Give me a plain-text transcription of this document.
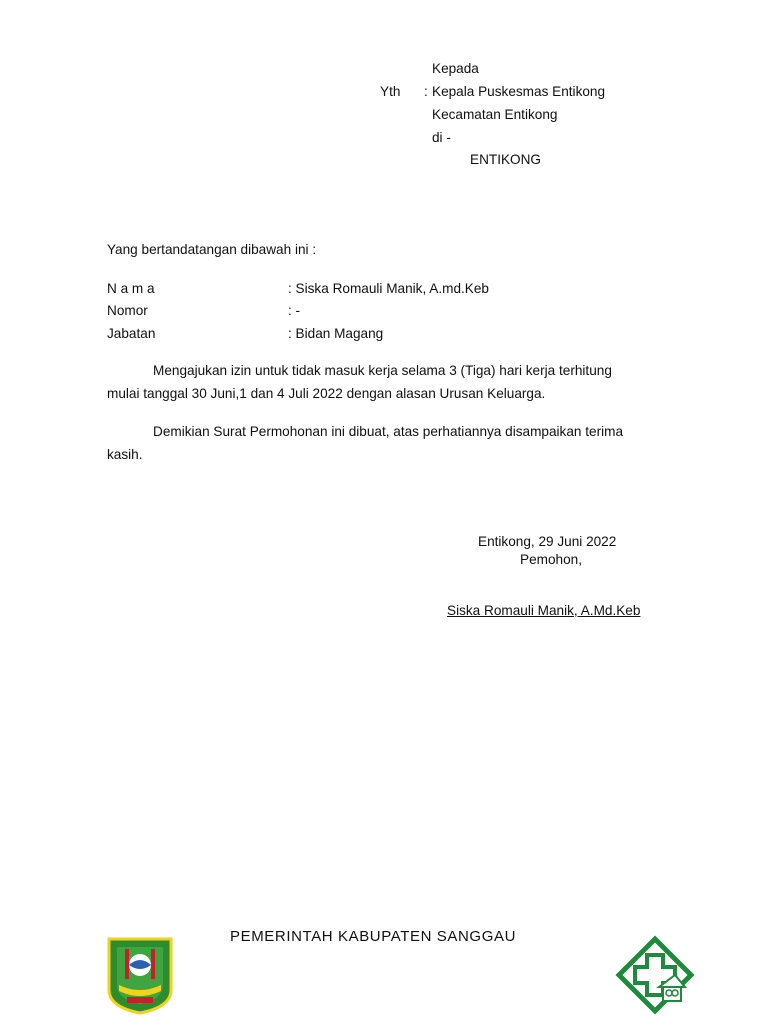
Kepada
Yth : Kepala Puskesmas Entikong
Kecamatan Entikong
di -
ENTIKONG
Yang bertandatangan dibawah ini :
N a m a	: Siska Romauli Manik, A.md.Keb
Nomor	: -
Jabatan	: Bidan Magang
Mengajukan izin untuk tidak masuk kerja selama 3 (Tiga) hari kerja terhitung
mulai tanggal 30 Juni,1 dan 4 Juli 2022 dengan alasan Urusan Keluarga.
Demikian Surat Permohonan ini dibuat, atas perhatiannya disampaikan terima
kasih.
Entikong, 29 Juni 2022
Pemohon,
Siska Romauli Manik, A.Md.Keb
PEMERINTAH KABUPATEN SANGGAU
